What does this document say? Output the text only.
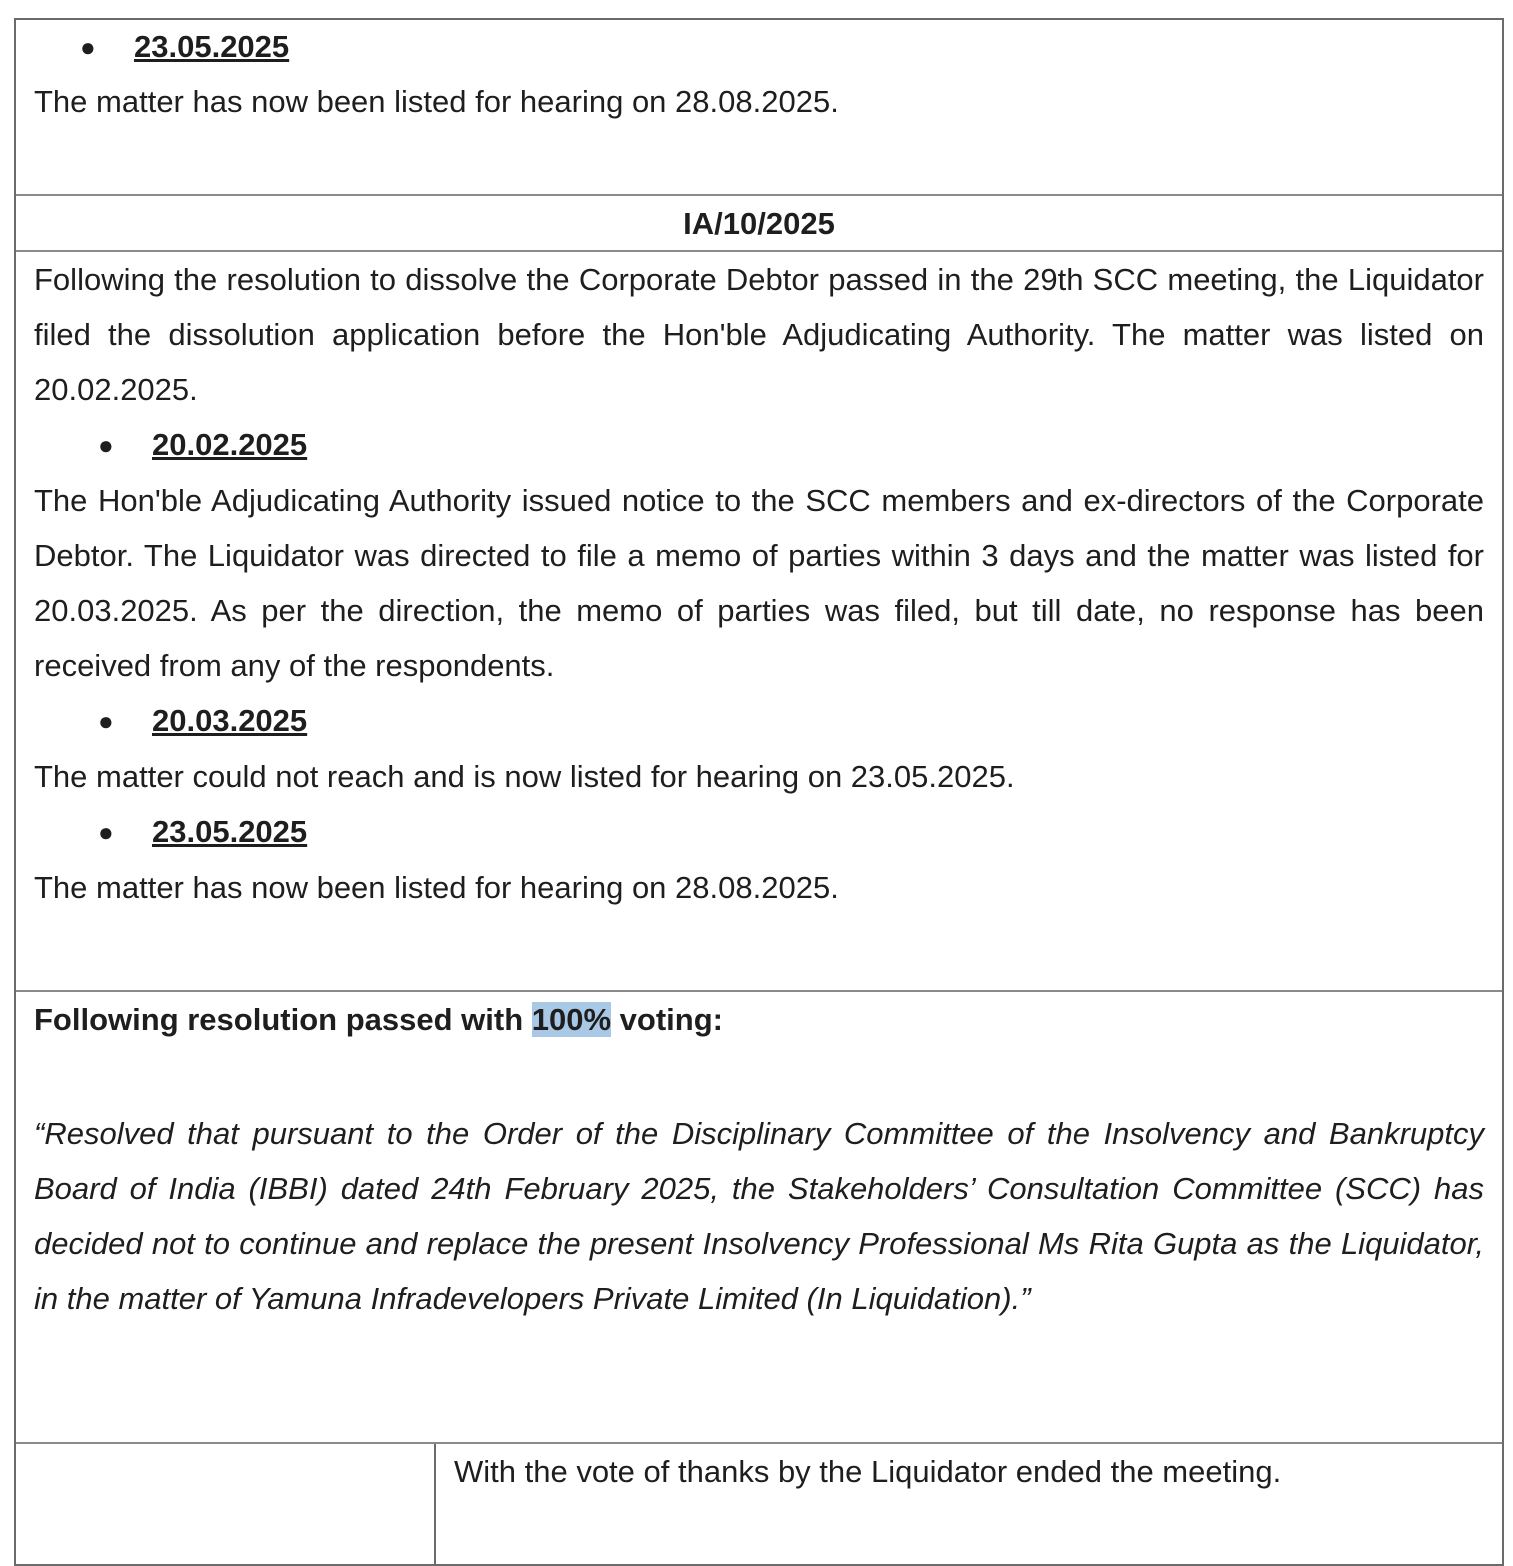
●	23.05.2025

The matter has now been listed for hearing on 28.08.2025.

IA/10/2025

Following the resolution to dissolve the Corporate Debtor passed in the 29th SCC meeting, the Liquidator filed the dissolution application before the Hon'ble Adjudicating Authority. The matter was listed on 20.02.2025.

●	20.02.2025

The Hon'ble Adjudicating Authority issued notice to the SCC members and ex-directors of the Corporate Debtor. The Liquidator was directed to file a memo of parties within 3 days and the matter was listed for 20.03.2025. As per the direction, the memo of parties was filed, but till date, no response has been received from any of the respondents.

●	20.03.2025

The matter could not reach and is now listed for hearing on 23.05.2025.

●	23.05.2025

The matter has now been listed for hearing on 28.08.2025.

Following resolution passed with 100% voting:

“Resolved that pursuant to the Order of the Disciplinary Committee of the Insolvency and Bankruptcy Board of India (IBBI) dated 24th February 2025, the Stakeholders’ Consultation Committee (SCC) has decided not to continue and replace the present Insolvency Professional Ms Rita Gupta as the Liquidator, in the matter of Yamuna Infradevelopers Private Limited (In Liquidation).”

With the vote of thanks by the Liquidator ended the meeting.
